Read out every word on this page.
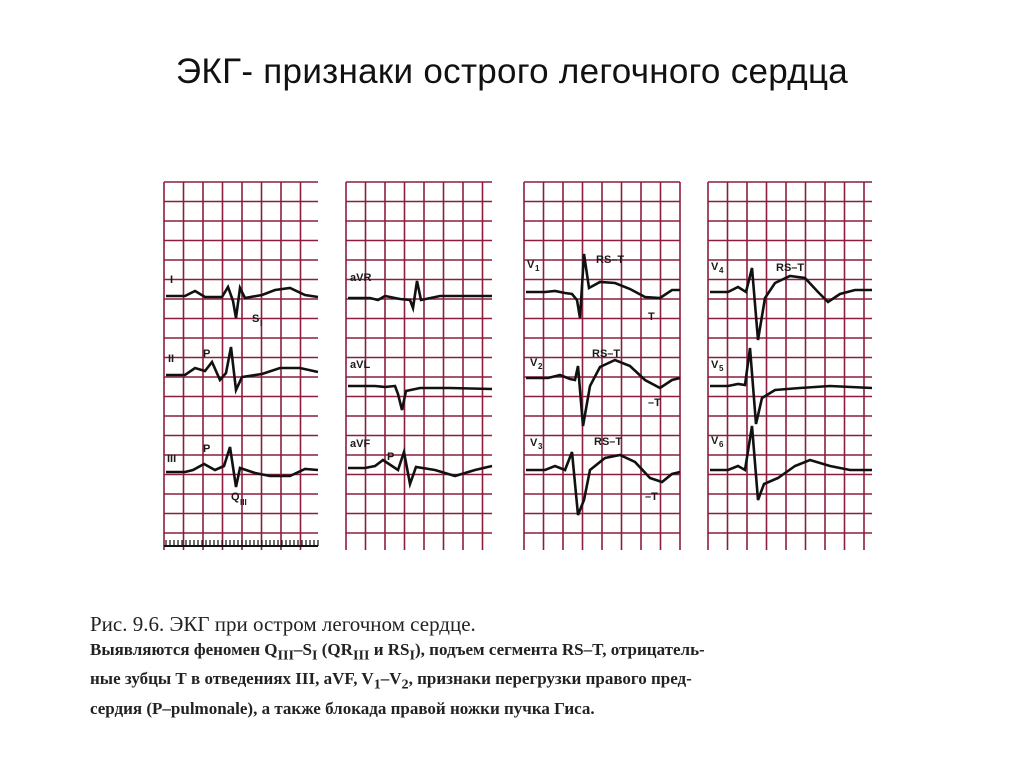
ЭКГ- признаки острого легочного сердца
I
II
III
S I
P
P
Q III
aVR
aVL
aVF
P
V 1
V 2
V 3
RS–T
T
RS–T
–T
RS–T
–T
V 4
V 5
V 6
RS–T
Рис. 9.6. ЭКГ при остром легочном сердце.
Выявляются феномен $Q_{III}-S_I$ ($QR_{III}$ и $RS_I$), подъем сегмента RS–T, отрицатель-
ные зубцы Т в отведениях III, aVF, $V_1-V_2$, признаки перегрузки правого пред-
сердия (P–pulmonale), а также блокада правой ножки пучка Гиса.
